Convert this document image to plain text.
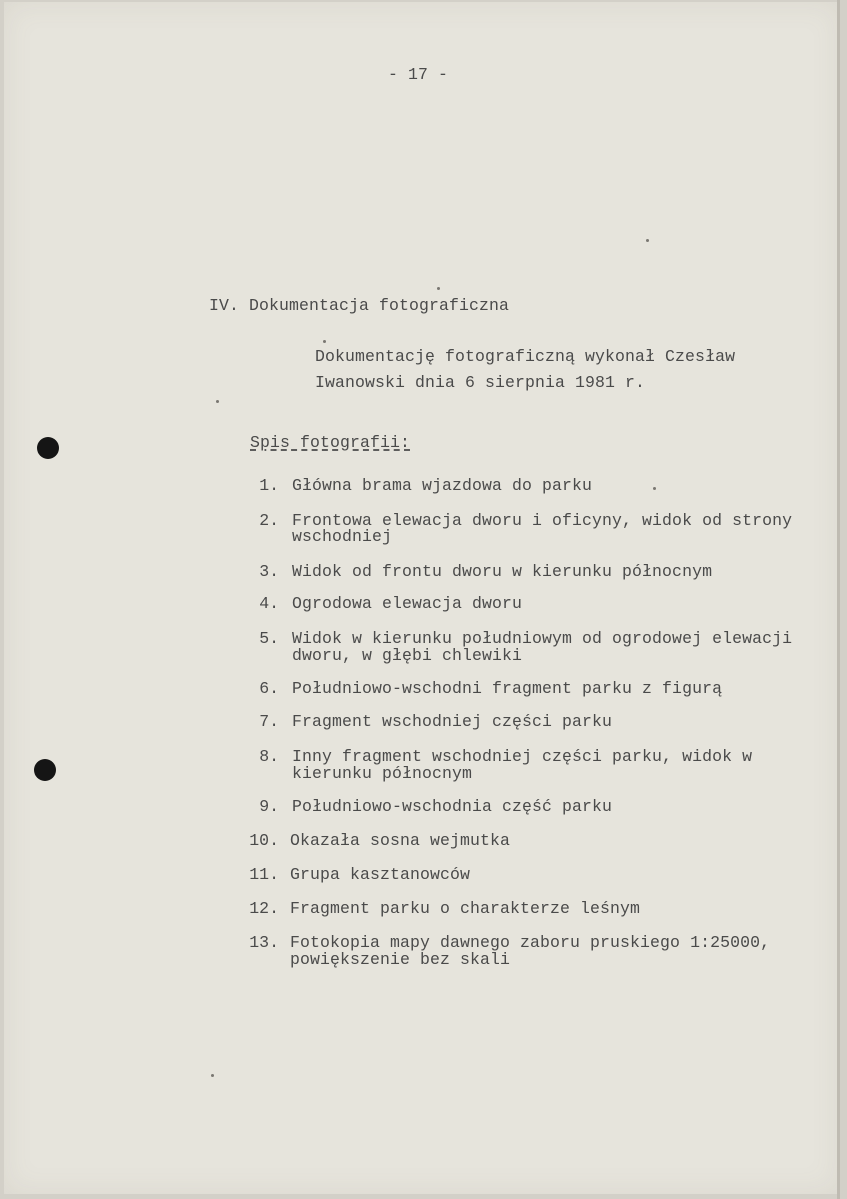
- 17 -
IV. Dokumentacja fotograficzna
Dokumentację fotograficzną wykonał Czesław
Iwanowski dnia 6 sierpnia 1981 r.
Spis fotografii:
1. Główna brama wjazdowa do parku
2. Frontowa elewacja dworu i oficyny, widok od strony
wschodniej
3. Widok od frontu dworu w kierunku północnym
4. Ogrodowa elewacja dworu
5. Widok w kierunku południowym od ogrodowej elewacji
dworu, w głębi chlewiki
6. Południowo-wschodni fragment parku z figurą
7. Fragment wschodniej części parku
8. Inny fragment wschodniej części parku, widok w
kierunku północnym
9. Południowo-wschodnia część parku
10. Okazała sosna wejmutka
11. Grupa kasztanowców
12. Fragment parku o charakterze leśnym
13. Fotokopia mapy dawnego zaboru pruskiego 1:25000,
powiększenie bez skali
